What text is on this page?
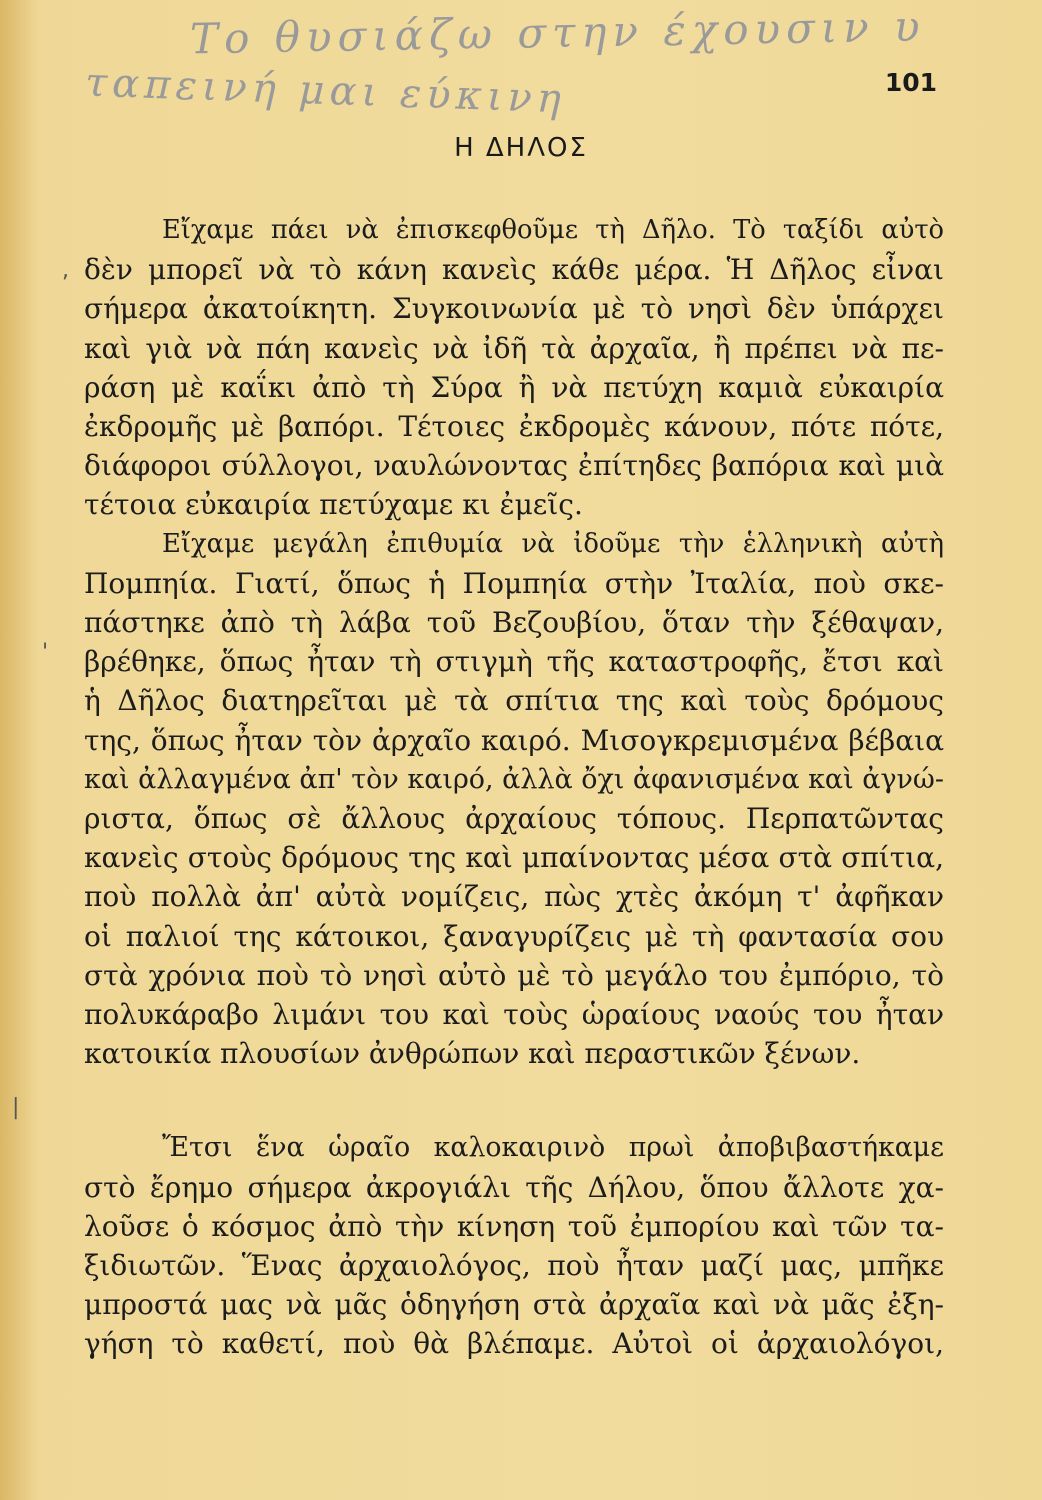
Το θυσιάζω στην έχουσιν υ
ταπεινή μαι εύκινη	101
Η ΔΗΛΟΣ
,
'
|
Εἴχαμε πάει νὰ ἐπισκεφθοῦμε τὴ Δῆλο. Τὸ ταξίδι αὐτὸ
δὲν μπορεῖ νὰ τὸ κάνη κανεὶς κάθε μέρα. Ἡ Δῆλος εἶναι
σήμερα ἀκατοίκητη. Συγκοινωνία μὲ τὸ νησὶ δὲν ὑπάρχει
καὶ γιὰ νὰ πάη κανεὶς νὰ ἰδῆ τὰ ἀρχαῖα, ἢ πρέπει νὰ πε-
ράση μὲ καΐκι ἀπὸ τὴ Σύρα ἢ νὰ πετύχη καμιὰ εὐκαιρία
ἐκδρομῆς μὲ βαπόρι. Τέτοιες ἐκδρομὲς κάνουν, πότε πότε,
διάφοροι σύλλογοι, ναυλώνοντας ἐπίτηδες βαπόρια καὶ μιὰ
τέτοια εὐκαιρία πετύχαμε κι ἐμεῖς.
Εἴχαμε μεγάλη ἐπιθυμία νὰ ἰδοῦμε τὴν ἑλληνικὴ αὐτὴ
Πομπηία. Γιατί, ὅπως ἡ Πομπηία στὴν Ἰταλία, ποὺ σκε-
πάστηκε ἀπὸ τὴ λάβα τοῦ Βεζουβίου, ὅταν τὴν ξέθαψαν,
βρέθηκε, ὅπως ἦταν τὴ στιγμὴ τῆς καταστροφῆς, ἔτσι καὶ
ἡ Δῆλος διατηρεῖται μὲ τὰ σπίτια της καὶ τοὺς δρόμους
της, ὅπως ἦταν τὸν ἀρχαῖο καιρό. Μισογκρεμισμένα βέβαια
καὶ ἀλλαγμένα ἀπ' τὸν καιρό, ἀλλὰ ὄχι ἀφανισμένα καὶ ἀγνώ-
ριστα, ὅπως σὲ ἄλλους ἀρχαίους τόπους. Περπατῶντας
κανεὶς στοὺς δρόμους της καὶ μπαίνοντας μέσα στὰ σπίτια,
ποὺ πολλὰ ἀπ' αὐτὰ νομίζεις, πὼς χτὲς ἀκόμη τ' ἀφῆκαν
οἱ παλιοί της κάτοικοι, ξαναγυρίζεις μὲ τὴ φαντασία σου
στὰ χρόνια ποὺ τὸ νησὶ αὐτὸ μὲ τὸ μεγάλο του ἐμπόριο, τὸ
πολυκάραβο λιμάνι του καὶ τοὺς ὡραίους ναούς του ἦταν
κατοικία πλουσίων ἀνθρώπων καὶ περαστικῶν ξένων.
Ἔτσι ἕνα ὡραῖο καλοκαιρινὸ πρωὶ ἀποβιβαστήκαμε
στὸ ἔρημο σήμερα ἀκρογιάλι τῆς Δήλου, ὅπου ἄλλοτε χα-
λοῦσε ὁ κόσμος ἀπὸ τὴν κίνηση τοῦ ἐμπορίου καὶ τῶν τα-
ξιδιωτῶν. Ἕνας ἀρχαιολόγος, ποὺ ἦταν μαζί μας, μπῆκε
μπροστά μας νὰ μᾶς ὁδηγήση στὰ ἀρχαῖα καὶ νὰ μᾶς ἐξη-
γήση τὸ καθετί, ποὺ θὰ βλέπαμε. Αὐτοὶ οἱ ἀρχαιολόγοι,
